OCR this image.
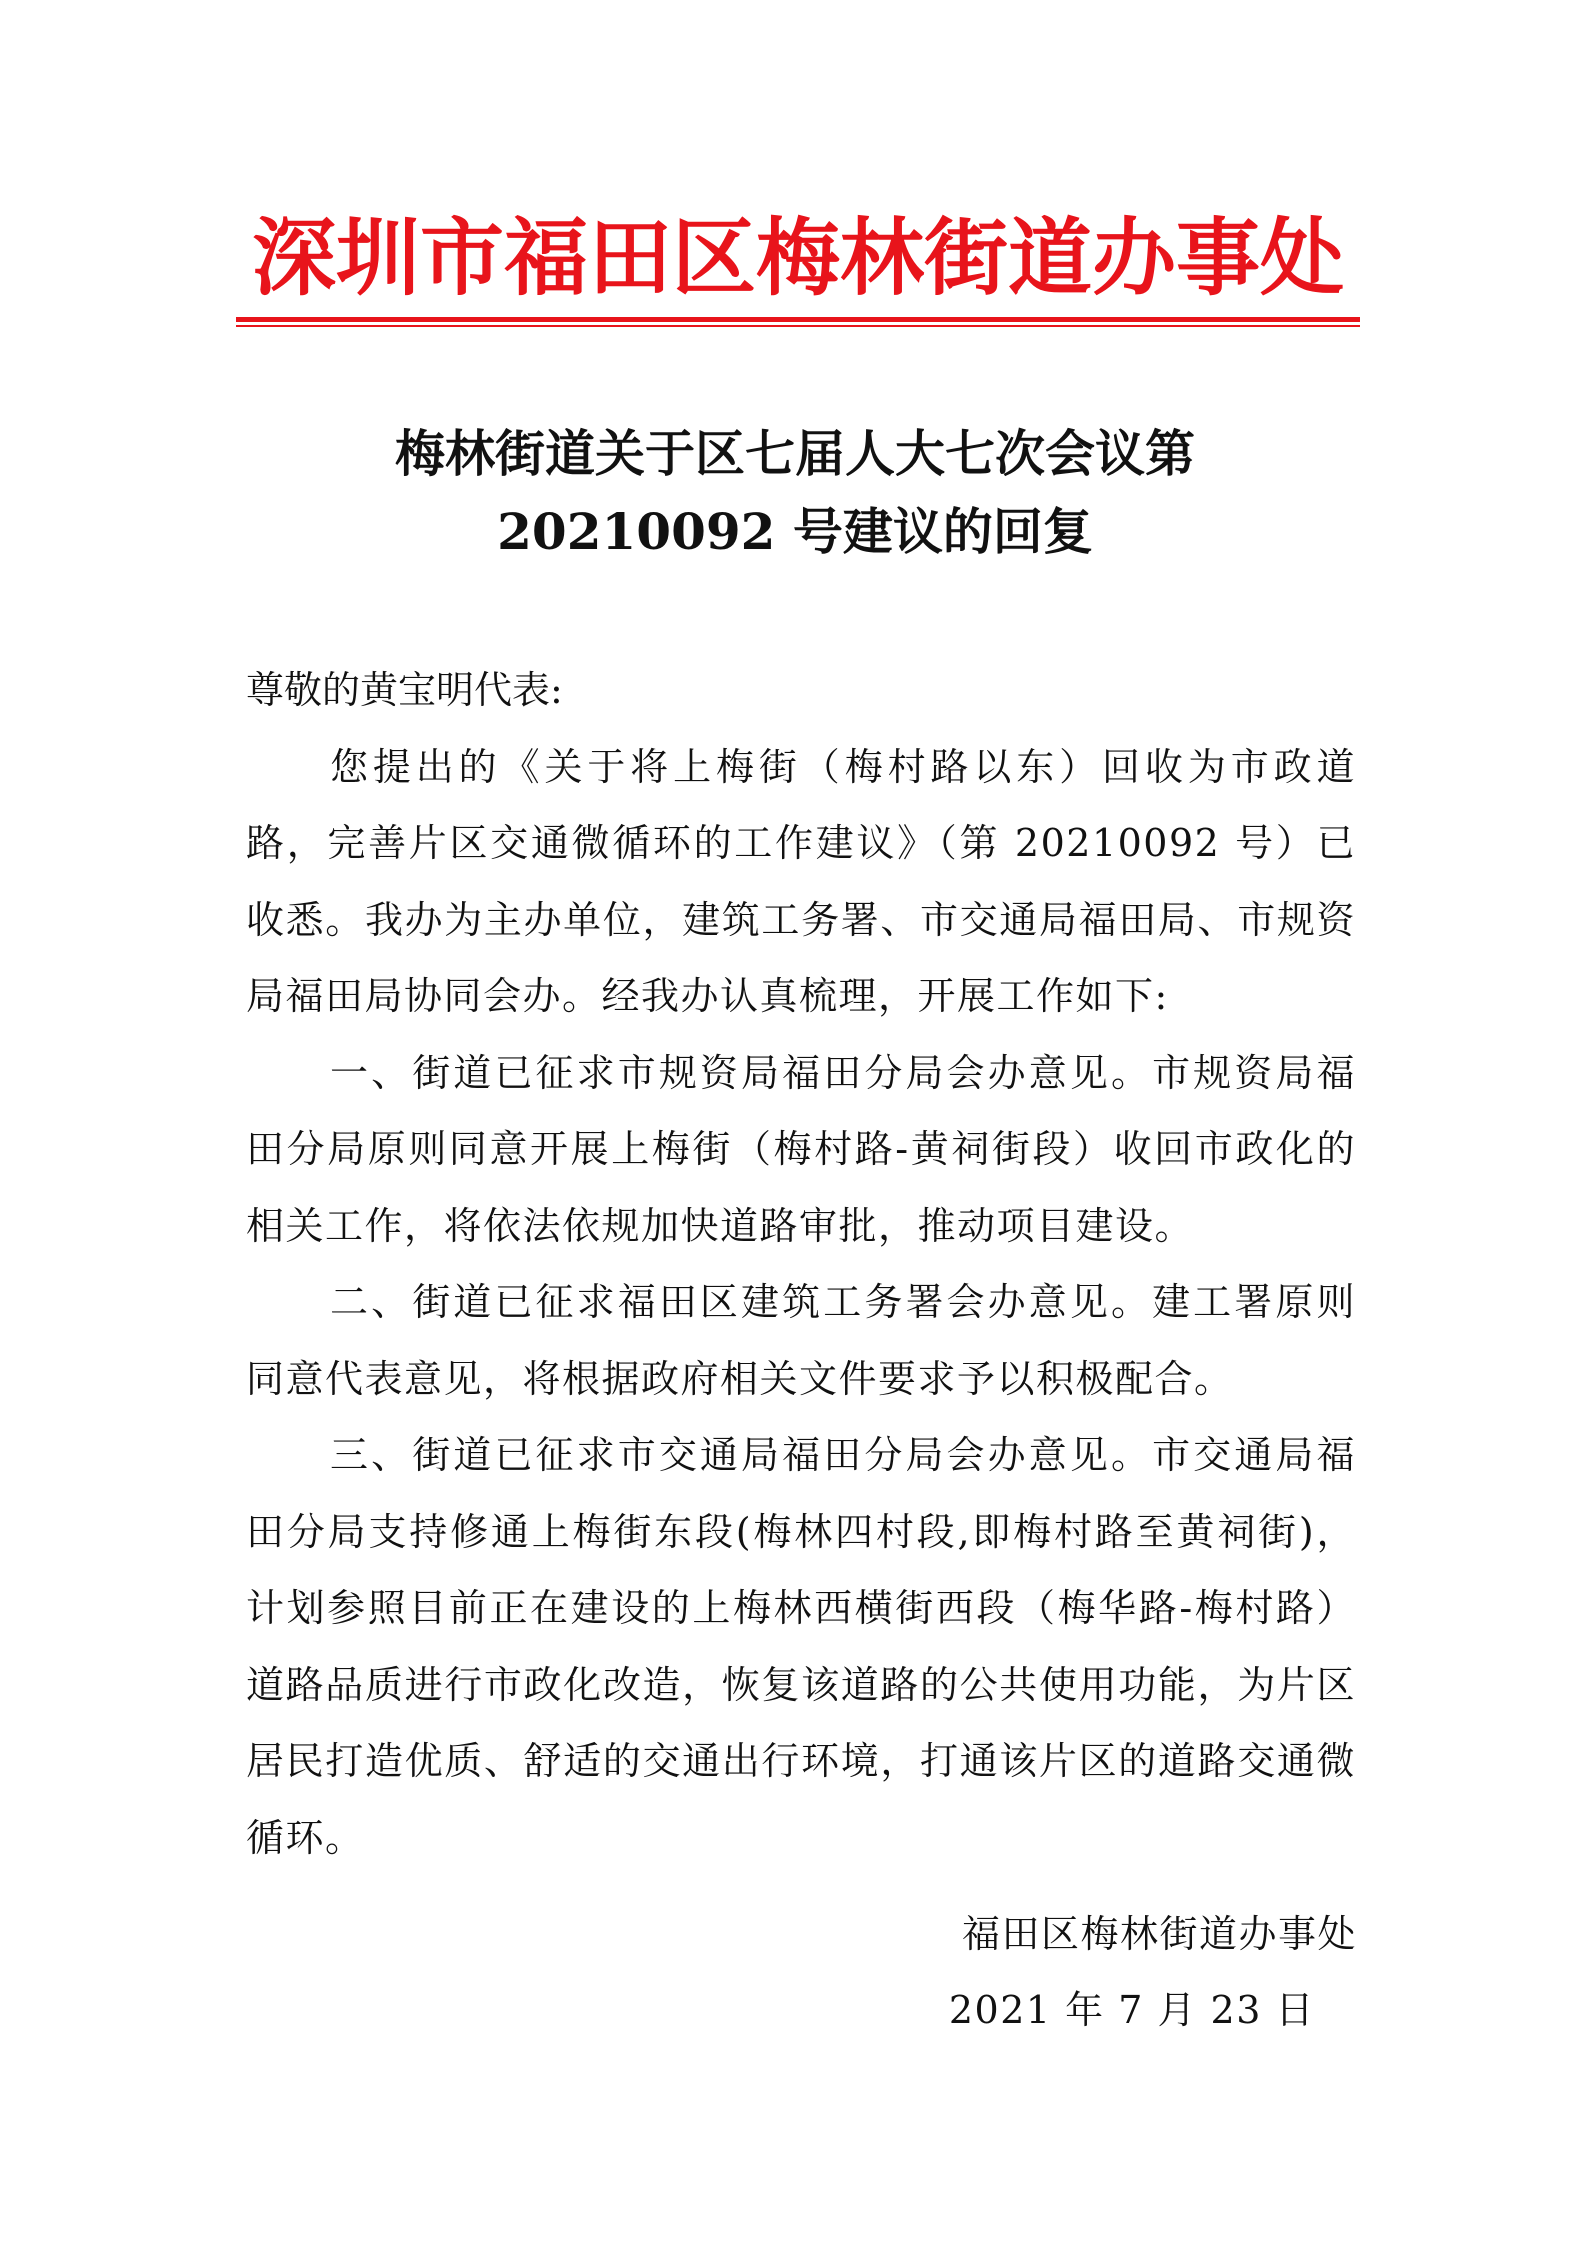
深圳市福田区梅林街道办事处
梅林街道关于区七届人大七次会议第
20210092 号建议的回复
尊敬的黄宝明代表:
您提出的《关于将上梅街（梅村路以东）回收为市政道路，完善片区交通微循环的工作建议》（第 20210092 号）已收悉。我办为主办单位，建筑工务署、市交通局福田局、市规资局福田局协同会办。经我办认真梳理，开展工作如下:
一、街道已征求市规资局福田分局会办意见。市规资局福田分局原则同意开展上梅街（梅村路-黄祠街段）收回市政化的相关工作，将依法依规加快道路审批，推动项目建设。
二、街道已征求福田区建筑工务署会办意见。建工署原则同意代表意见，将根据政府相关文件要求予以积极配合。
三、街道已征求市交通局福田分局会办意见。市交通局福田分局支持修通上梅街东段(梅林四村段,即梅村路至黄祠街)，计划参照目前正在建设的上梅林西横街西段（梅华路-梅村路）道路品质进行市政化改造，恢复该道路的公共使用功能，为片区居民打造优质、舒适的交通出行环境，打通该片区的道路交通微循环。
福田区梅林街道办事处
2021 年 7 月 23 日
